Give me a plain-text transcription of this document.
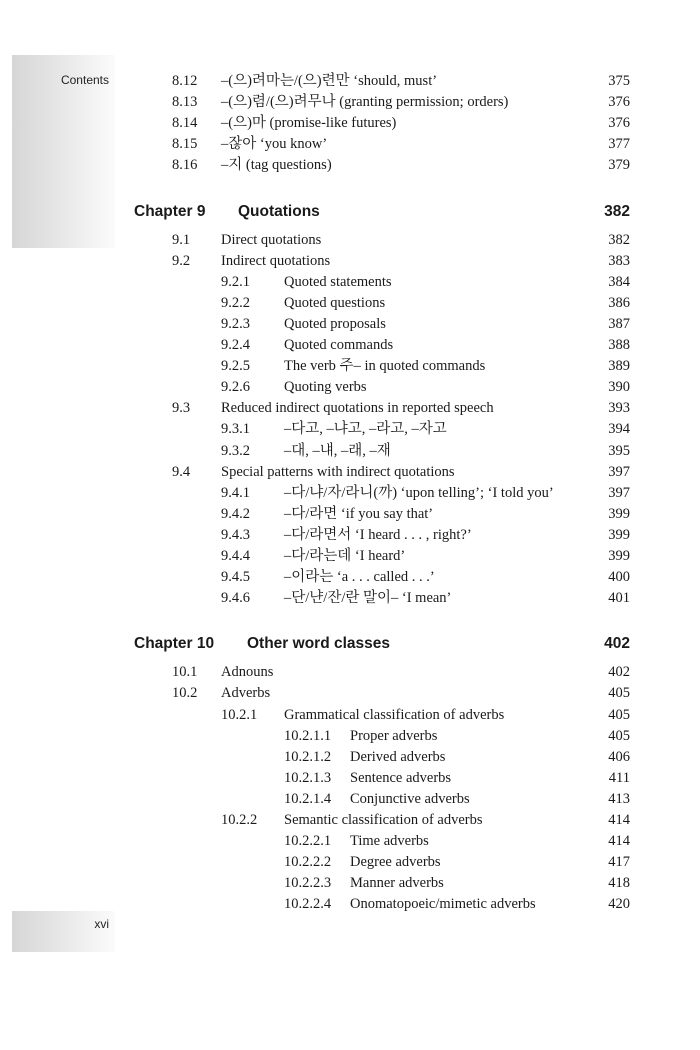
Contents
xvi
8.12 –(으)려마는/(으)련만 ‘should, must’	375
8.13 –(으)렴/(으)려무나 (granting permission; orders)	376
8.14 –(으)마 (promise-like futures)	376
8.15 –잖아 ‘you know’	377
8.16 –지 (tag questions)	379
Chapter 9 Quotations	382
9.1 Direct quotations	382
9.2 Indirect quotations	383
9.2.1 Quoted statements	384
9.2.2 Quoted questions	386
9.2.3 Quoted proposals	387
9.2.4 Quoted commands	388
9.2.5 The verb 주– in quoted commands	389
9.2.6 Quoting verbs	390
9.3 Reduced indirect quotations in reported speech	393
9.3.1 –다고, –냐고, –라고, –자고	394
9.3.2 –대, –냬, –래, –재	395
9.4 Special patterns with indirect quotations	397
9.4.1 –다/냐/자/라니(까) ‘upon telling’; ‘I told you’	397
9.4.2 –다/라면 ‘if you say that’	399
9.4.3 –다/라면서 ‘I heard . . . , right?’	399
9.4.4 –다/라는데 ‘I heard’	399
9.4.5 –이라는 ‘a . . . called . . .’	400
9.4.6 –단/냔/잔/란 말이– ‘I mean’	401
Chapter 10 Other word classes	402
10.1 Adnouns	402
10.2 Adverbs	405
10.2.1 Grammatical classification of adverbs	405
10.2.1.1 Proper adverbs	405
10.2.1.2 Derived adverbs	406
10.2.1.3 Sentence adverbs	411
10.2.1.4 Conjunctive adverbs	413
10.2.2 Semantic classification of adverbs	414
10.2.2.1 Time adverbs	414
10.2.2.2 Degree adverbs	417
10.2.2.3 Manner adverbs	418
10.2.2.4 Onomatopoeic/mimetic adverbs	420
